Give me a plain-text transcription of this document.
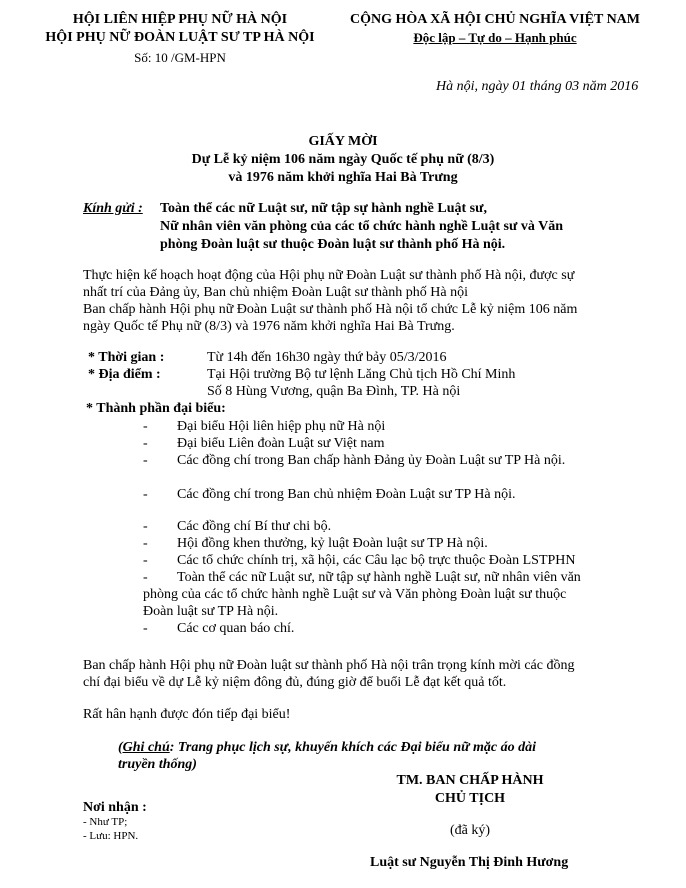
HỘI LIÊN HIỆP PHỤ NỮ HÀ NỘI
HỘI PHỤ NỮ ĐOÀN LUẬT SƯ TP HÀ NỘI
Số: 10 /GM-HPN
CỘNG HÒA XÃ HỘI CHỦ NGHĨA VIỆT NAM
Độc lập – Tự do – Hạnh phúc
Hà nội, ngày 01 tháng 03 năm 2016
GIẤY MỜI
Dự Lễ kỷ niệm 106 năm ngày Quốc tế phụ nữ (8/3)
và 1976 năm khởi nghĩa Hai Bà Trưng
Kính gửi : Toàn thể các nữ Luật sư, nữ tập sự hành nghề Luật sư,
Nữ nhân viên văn phòng của các tổ chức hành nghề Luật sư và Văn
phòng Đoàn luật sư thuộc Đoàn luật sư thành phố Hà nội.
Thực hiện kế hoạch hoạt động của Hội phụ nữ Đoàn Luật sư thành phố Hà nội, được sự
nhất trí của Đảng ủy, Ban chủ nhiệm Đoàn Luật sư thành phố Hà nội
Ban chấp hành Hội phụ nữ Đoàn Luật sư thành phố Hà nội tổ chức Lễ kỷ niệm 106 năm
ngày Quốc tế Phụ nữ (8/3) và 1976 năm khởi nghĩa Hai Bà Trưng.
* Thời gian :	Từ 14h đến 16h30 ngày thứ bảy 05/3/2016
* Địa điểm :	Tại Hội trường Bộ tư lệnh Lăng Chủ tịch Hồ Chí Minh
Số 8 Hùng Vương, quận Ba Đình, TP. Hà nội
* Thành phần đại biểu:
- Đại biểu Hội liên hiệp phụ nữ Hà nội
- Đại biểu Liên đoàn Luật sư Việt nam
- Các đồng chí trong Ban chấp hành Đảng ủy Đoàn Luật sư TP Hà nội.
- Các đồng chí trong Ban chủ nhiệm Đoàn Luật sư TP Hà nội.
- Các đồng chí Bí thư chi bộ.
- Hội đồng khen thưởng, kỷ luật Đoàn luật sư TP Hà nội.
- Các tổ chức chính trị, xã hội, các Câu lạc bộ trực thuộc Đoàn LSTPHN
- Toàn thể các nữ Luật sư, nữ tập sự hành nghề Luật sư, nữ nhân viên văn
phòng của các tổ chức hành nghề Luật sư và Văn phòng Đoàn luật sư thuộc
Đoàn luật sư TP Hà nội.
- Các cơ quan báo chí.
Ban chấp hành Hội phụ nữ Đoàn luật sư thành phố Hà nội trân trọng kính mời các đồng
chí đại biểu về dự Lễ kỷ niệm đông đủ, đúng giờ để buổi Lễ đạt kết quả tốt.
Rất hân hạnh được đón tiếp đại biểu!
(Ghi chú: Trang phục lịch sự, khuyến khích các Đại biểu nữ mặc áo dài
truyền thống)
TM. BAN CHẤP HÀNH
CHỦ TỊCH
(đã ký)
Luật sư Nguyễn Thị Đinh Hương
Nơi nhận :
- Như TP;
- Lưu: HPN.
